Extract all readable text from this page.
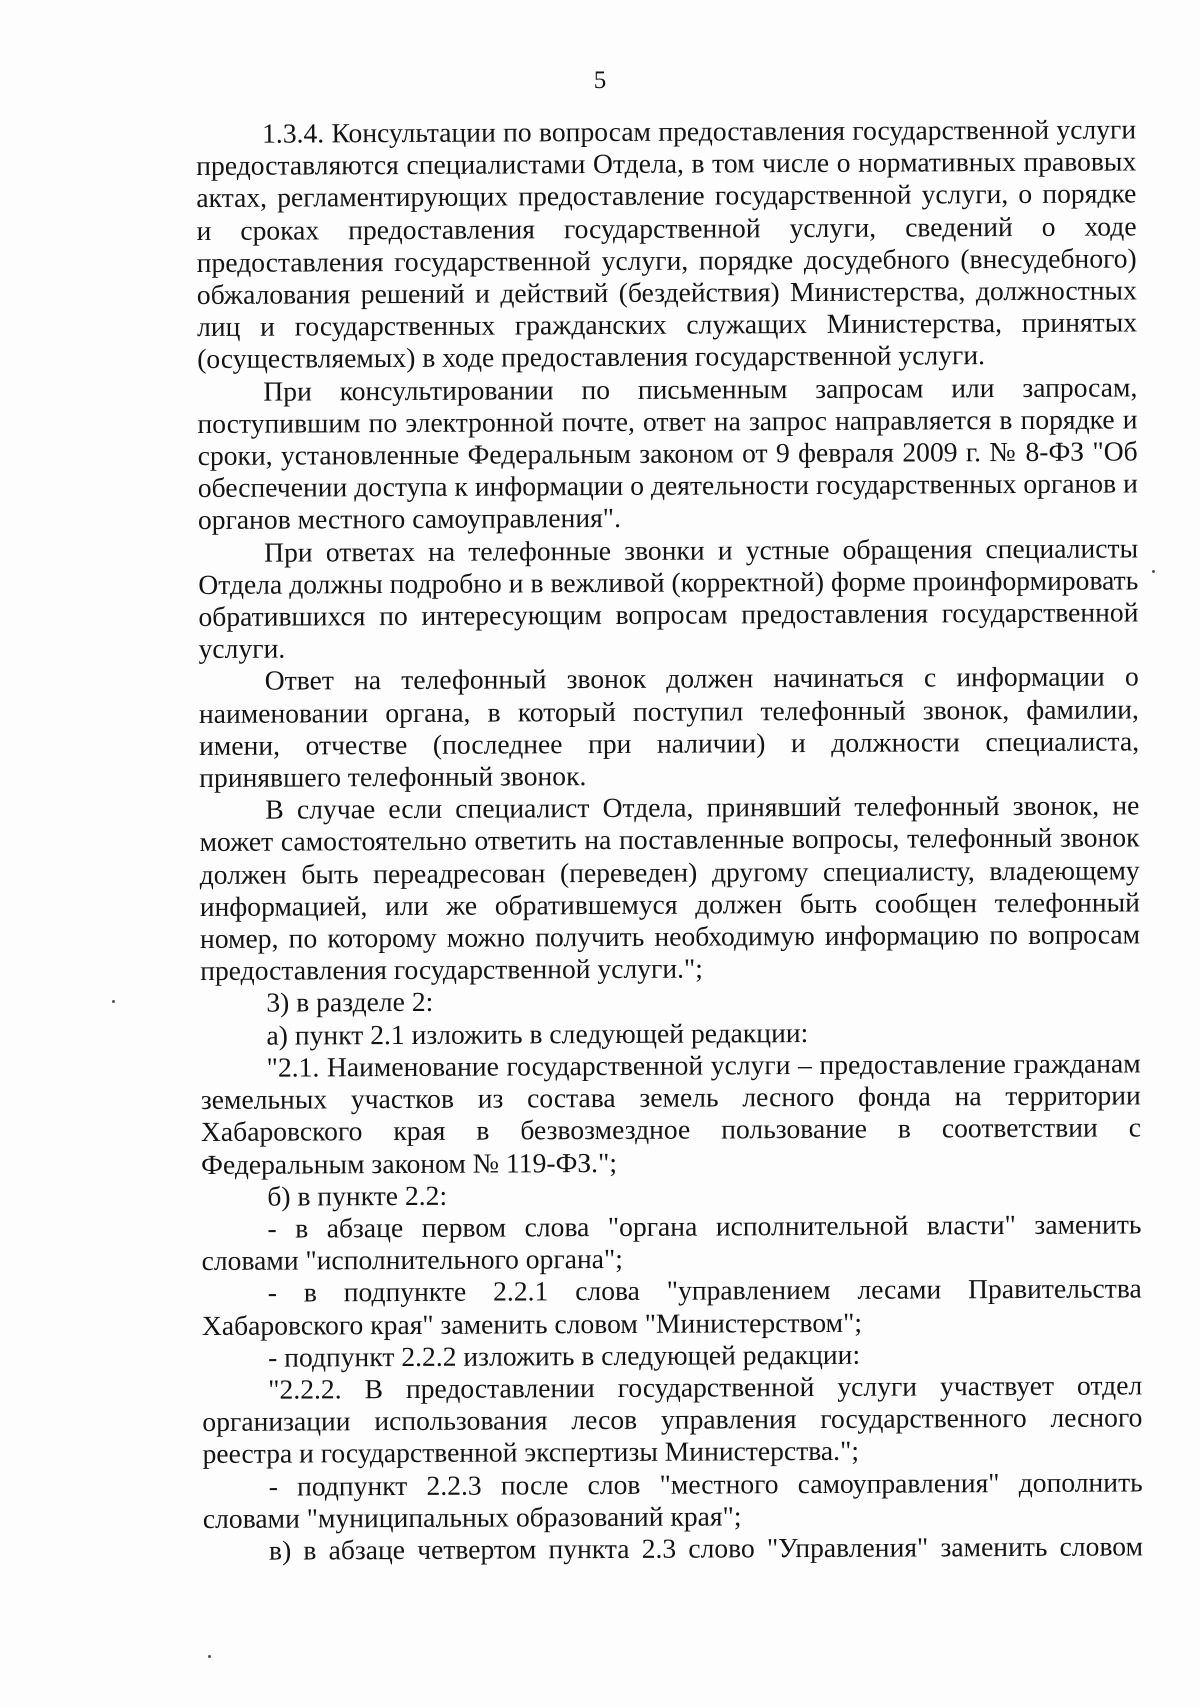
5

1.3.4. Консультации по вопросам предоставления государственной услуги предоставляются специалистами Отдела, в том числе о нормативных правовых актах, регламентирующих предоставление государственной услуги, о порядке и сроках предоставления государственной услуги, сведений о ходе предоставления государственной услуги, порядке досудебного (внесудебного) обжалования решений и действий (бездействия) Министерства, должностных лиц и государственных гражданских служащих Министерства, принятых (осуществляемых) в ходе предоставления государственной услуги.

При консультировании по письменным запросам или запросам, поступившим по электронной почте, ответ на запрос направляется в порядке и сроки, установленные Федеральным законом от 9 февраля 2009 г. № 8-ФЗ "Об обеспечении доступа к информации о деятельности государственных органов и органов местного самоуправления".

При ответах на телефонные звонки и устные обращения специалисты Отдела должны подробно и в вежливой (корректной) форме проинформировать обратившихся по интересующим вопросам предоставления государственной услуги.

Ответ на телефонный звонок должен начинаться с информации о наименовании органа, в который поступил телефонный звонок, фамилии, имени, отчестве (последнее при наличии) и должности специалиста, принявшего телефонный звонок.

В случае если специалист Отдела, принявший телефонный звонок, не может самостоятельно ответить на поставленные вопросы, телефонный звонок должен быть переадресован (переведен) другому специалисту, владеющему информацией, или же обратившемуся должен быть сообщен телефонный номер, по которому можно получить необходимую информацию по вопросам предоставления государственной услуги.";

3) в разделе 2:

а) пункт 2.1 изложить в следующей редакции:

"2.1. Наименование государственной услуги – предоставление гражданам земельных участков из состава земель лесного фонда на территории Хабаровского края в безвозмездное пользование в соответствии с Федеральным законом № 119-ФЗ.";

б) в пункте 2.2:

- в абзаце первом слова "органа исполнительной власти" заменить словами "исполнительного органа";

- в подпункте 2.2.1 слова "управлением лесами Правительства Хабаровского края" заменить словом "Министерством";

- подпункт 2.2.2 изложить в следующей редакции:

"2.2.2. В предоставлении государственной услуги участвует отдел организации использования лесов управления государственного лесного реестра и государственной экспертизы Министерства.";

- подпункт 2.2.3 после слов "местного самоуправления" дополнить словами "муниципальных образований края";

в) в абзаце четвертом пункта 2.3 слово "Управления" заменить словом
